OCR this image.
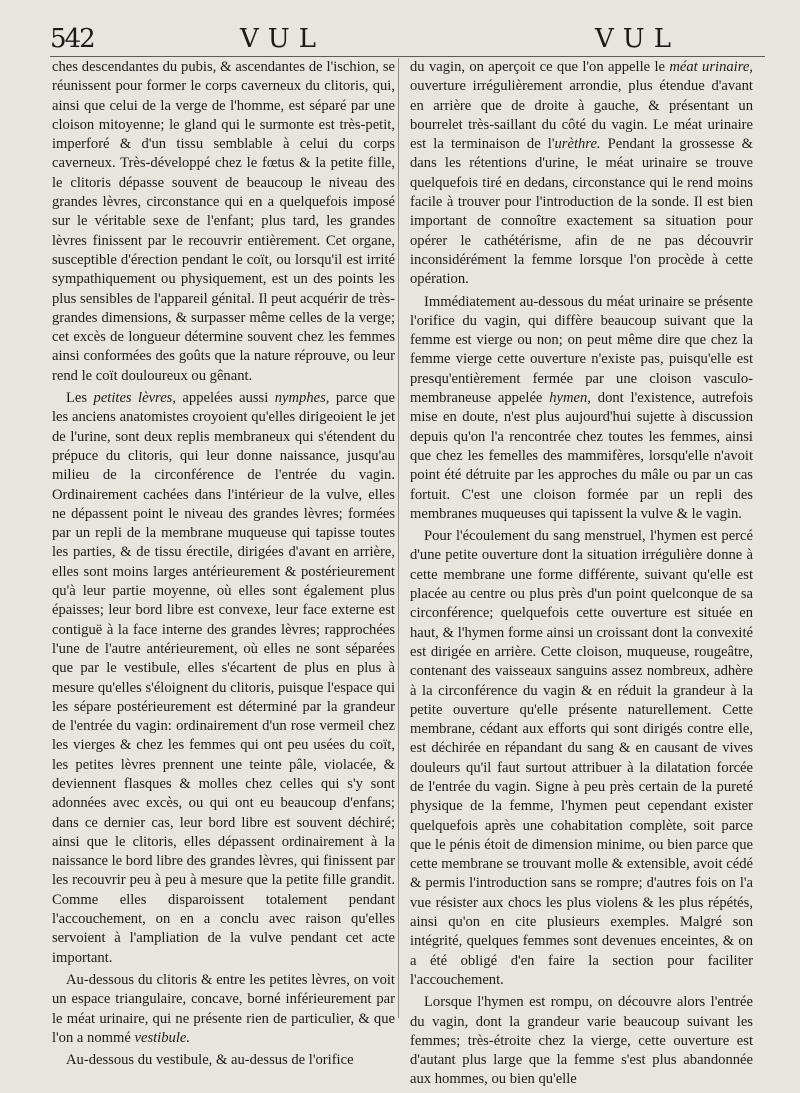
542	VUL	VUL

ches descendantes du pubis, & ascendantes de l'ischion, se réunissent pour former le corps caverneux du clitoris, qui, ainsi que celui de la verge de l'homme, est séparé par une cloison mitoyenne; le gland qui le surmonte est très-petit, imperforé & d'un tissu semblable à celui du corps caverneux. Très-développé chez le fœtus & la petite fille, le clitoris dépasse souvent de beaucoup le niveau des grandes lèvres, circonstance qui en a quelquefois imposé sur le véritable sexe de l'enfant; plus tard, les grandes lèvres finissent par le recouvrir entièrement. Cet organe, susceptible d'érection pendant le coït, ou lorsqu'il est irrité sympathiquement ou physiquement, est un des points les plus sensibles de l'appareil génital. Il peut acquérir de très-grandes dimensions, & surpasser même celles de la verge; cet excès de longueur détermine souvent chez les femmes ainsi conformées des goûts que la nature réprouve, ou leur rend le coït douloureux ou gênant.

Les petites lèvres, appelées aussi nymphes, parce que les anciens anatomistes croyoient qu'elles dirigeoient le jet de l'urine, sont deux replis membraneux qui s'étendent du prépuce du clitoris, qui leur donne naissance, jusqu'au milieu de la circonférence de l'entrée du vagin. Ordinairement cachées dans l'intérieur de la vulve, elles ne dépassent point le niveau des grandes lèvres; formées par un repli de la membrane muqueuse qui tapisse toutes les parties, & de tissu érectile, dirigées d'avant en arrière, elles sont moins larges antérieurement & postérieurement qu'à leur partie moyenne, où elles sont également plus épaisses; leur bord libre est convexe, leur face externe est contiguë à la face interne des grandes lèvres; rapprochées l'une de l'autre antérieurement, où elles ne sont séparées que par le vestibule, elles s'écartent de plus en plus à mesure qu'elles s'éloignent du clitoris, puisque l'espace qui les sépare postérieurement est déterminé par la grandeur de l'entrée du vagin: ordinairement d'un rose vermeil chez les vierges & chez les femmes qui ont peu usées du coït, les petites lèvres prennent une teinte pâle, violacée, & deviennent flasques & molles chez celles qui s'y sont adonnées avec excès, ou qui ont eu beaucoup d'enfans; dans ce dernier cas, leur bord libre est souvent déchiré; ainsi que le clitoris, elles dépassent ordinairement à la naissance le bord libre des grandes lèvres, qui finissent par les recouvrir peu à peu à mesure que la petite fille grandit. Comme elles disparoissent totalement pendant l'accouchement, on en a conclu avec raison qu'elles servoient à l'ampliation de la vulve pendant cet acte important.

Au-dessous du clitoris & entre les petites lèvres, on voit un espace triangulaire, concave, borné inférieurement par le méat urinaire, qui ne présente rien de particulier, & que l'on a nommé vestibule.

Au-dessous du vestibule, & au-dessus de l'orifice

du vagin, on aperçoit ce que l'on appelle le méat urinaire, ouverture irrégulièrement arrondie, plus étendue d'avant en arrière que de droite à gauche, & présentant un bourrelet très-saillant du côté du vagin. Le méat urinaire est la terminaison de l'urèthre. Pendant la grossesse & dans les rétentions d'urine, le méat urinaire se trouve quelquefois tiré en dedans, circonstance qui le rend moins facile à trouver pour l'introduction de la sonde. Il est bien important de connoître exactement sa situation pour opérer le cathétérisme, afin de ne pas découvrir inconsidérément la femme lorsque l'on procède à cette opération.

Immédiatement au-dessous du méat urinaire se présente l'orifice du vagin, qui diffère beaucoup suivant que la femme est vierge ou non; on peut même dire que chez la femme vierge cette ouverture n'existe pas, puisqu'elle est presqu'entièrement fermée par une cloison vasculo-membraneuse appelée hymen, dont l'existence, autrefois mise en doute, n'est plus aujourd'hui sujette à discussion depuis qu'on l'a rencontrée chez toutes les femmes, ainsi que chez les femelles des mammifères, lorsqu'elle n'avoit point été détruite par les approches du mâle ou par un cas fortuit. C'est une cloison formée par un repli des membranes muqueuses qui tapissent la vulve & le vagin.

Pour l'écoulement du sang menstruel, l'hymen est percé d'une petite ouverture dont la situation irrégulière donne à cette membrane une forme différente, suivant qu'elle est placée au centre ou plus près d'un point quelconque de sa circonférence; quelquefois cette ouverture est située en haut, & l'hymen forme ainsi un croissant dont la convexité est dirigée en arrière. Cette cloison, muqueuse, rougeâtre, contenant des vaisseaux sanguins assez nombreux, adhère à la circonférence du vagin & en réduit la grandeur à la petite ouverture qu'elle présente naturellement. Cette membrane, cédant aux efforts qui sont dirigés contre elle, est déchirée en répandant du sang & en causant de vives douleurs qu'il faut surtout attribuer à la dilatation forcée de l'entrée du vagin. Signe à peu près certain de la pureté physique de la femme, l'hymen peut cependant exister quelquefois après une cohabitation complète, soit parce que le pénis étoit de dimension minime, ou bien parce que cette membrane se trouvant molle & extensible, avoit cédé & permis l'introduction sans se rompre; d'autres fois on l'a vue résister aux chocs les plus violens & les plus répétés, ainsi qu'on en cite plusieurs exemples. Malgré son intégrité, quelques femmes sont devenues enceintes, & on a été obligé d'en faire la section pour faciliter l'accouchement.

Lorsque l'hymen est rompu, on découvre alors l'entrée du vagin, dont la grandeur varie beaucoup suivant les femmes; très-étroite chez la vierge, cette ouverture est d'autant plus large que la femme s'est plus abandonnée aux hommes, ou bien qu'elle
